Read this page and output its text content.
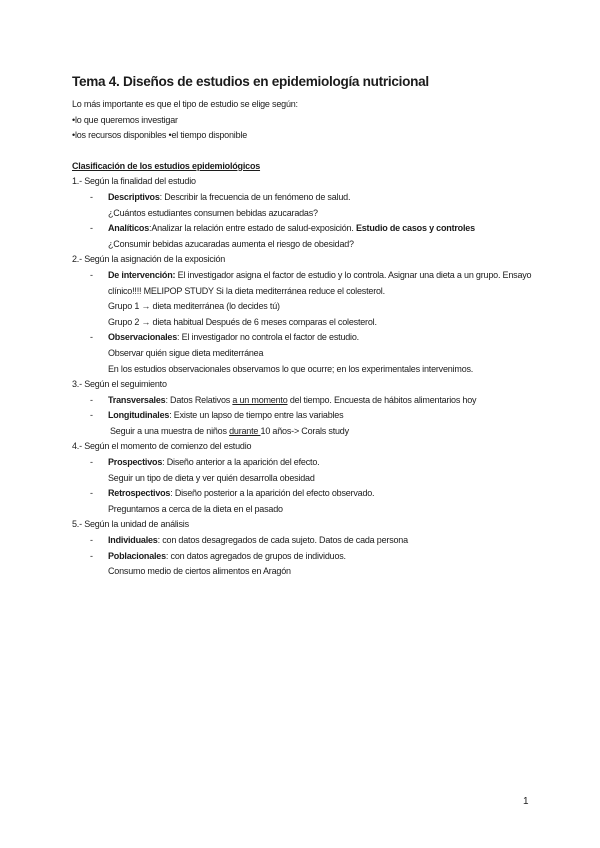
Tema 4. Diseños de estudios en epidemiología nutricional

Lo más importante es que el tipo de estudio se elige según:

•lo que queremos investigar

•los recursos disponibles •el tiempo disponible

Clasificación de los estudios epidemiológicos

1.- Según la finalidad del estudio

- Descriptivos: Describir la frecuencia de un fenómeno de salud.

¿Cuántos estudiantes consumen bebidas azucaradas?

- Analíticos:Analizar la relación entre estado de salud-exposición. Estudio de casos y controles

¿Consumir bebidas azucaradas aumenta el riesgo de obesidad?

2.- Según la asignación de la exposición

- De intervención: El investigador asigna el factor de estudio y lo controla. Asignar una dieta a un grupo. Ensayo clínico!!!! MELIPOP STUDY Si la dieta mediterránea reduce el colesterol.

Grupo 1 → dieta mediterránea (lo decides tú)

Grupo 2 → dieta habitual Después de 6 meses comparas el colesterol.

- Observacionales: El investigador no controla el factor de estudio.

Observar quién sigue dieta mediterránea

En los estudios observacionales observamos lo que ocurre; en los experimentales intervenimos.

3.- Según el seguimiento

- Transversales: Datos Relativos a un momento del tiempo. Encuesta de hábitos alimentarios hoy

- Longitudinales: Existe un lapso de tiempo entre las variables

Seguir a una muestra de niños durante 10 años-> Corals study

4.- Según el momento de comienzo del estudio

- Prospectivos: Diseño anterior a la aparición del efecto.

Seguir un tipo de dieta y ver quién desarrolla obesidad

- Retrospectivos: Diseño posterior a la aparición del efecto observado.

Preguntamos a cerca de la dieta en el pasado

5.- Según la unidad de análisis

- Individuales: con datos desagregados de cada sujeto. Datos de cada persona

- Poblacionales: con datos agregados de grupos de individuos.

Consumo medio de ciertos alimentos en Aragón

1
